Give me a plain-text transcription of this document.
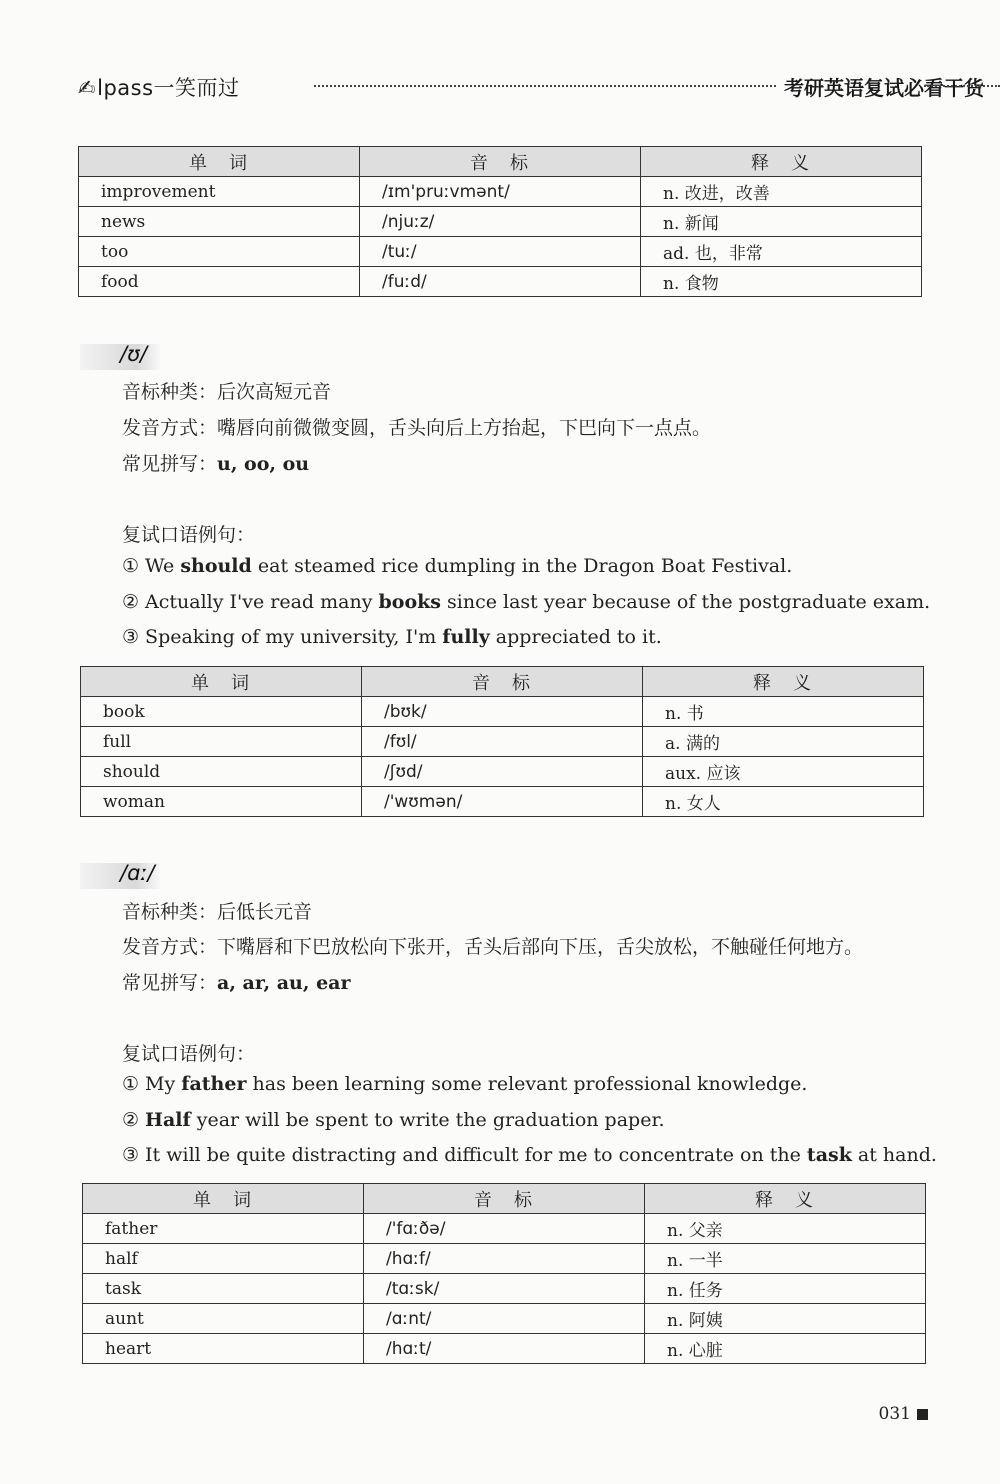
✍lpass一笑而过	考研英语复试必看干货
单　词	音　标	释　义
improvement	/ɪm'pruːvmənt/	n. 改进，改善
news	/njuːz/	n. 新闻
too	/tuː/	ad. 也，非常
food	/fuːd/	n. 食物
/ʊ/
音标种类：后次高短元音
发音方式：嘴唇向前微微变圆，舌头向后上方抬起，下巴向下一点点。
常见拼写：u, oo, ou
复试口语例句：
① We should eat steamed rice dumpling in the Dragon Boat Festival.
② Actually I've read many books since last year because of the postgraduate exam.
③ Speaking of my university, I'm fully appreciated to it.
单　词	音　标	释　义
book	/bʊk/	n. 书
full	/fʊl/	a. 满的
should	/ʃʊd/	aux. 应该
woman	/'wʊmən/	n. 女人
/ɑː/
音标种类：后低长元音
发音方式：下嘴唇和下巴放松向下张开，舌头后部向下压，舌尖放松，不触碰任何地方。
常见拼写：a, ar, au, ear
复试口语例句：
① My father has been learning some relevant professional knowledge.
② Half year will be spent to write the graduation paper.
③ It will be quite distracting and difficult for me to concentrate on the task at hand.
单　词	音　标	释　义
father	/'fɑːðə/	n. 父亲
half	/hɑːf/	n. 一半
task	/tɑːsk/	n. 任务
aunt	/ɑːnt/	n. 阿姨
heart	/hɑːt/	n. 心脏
031
